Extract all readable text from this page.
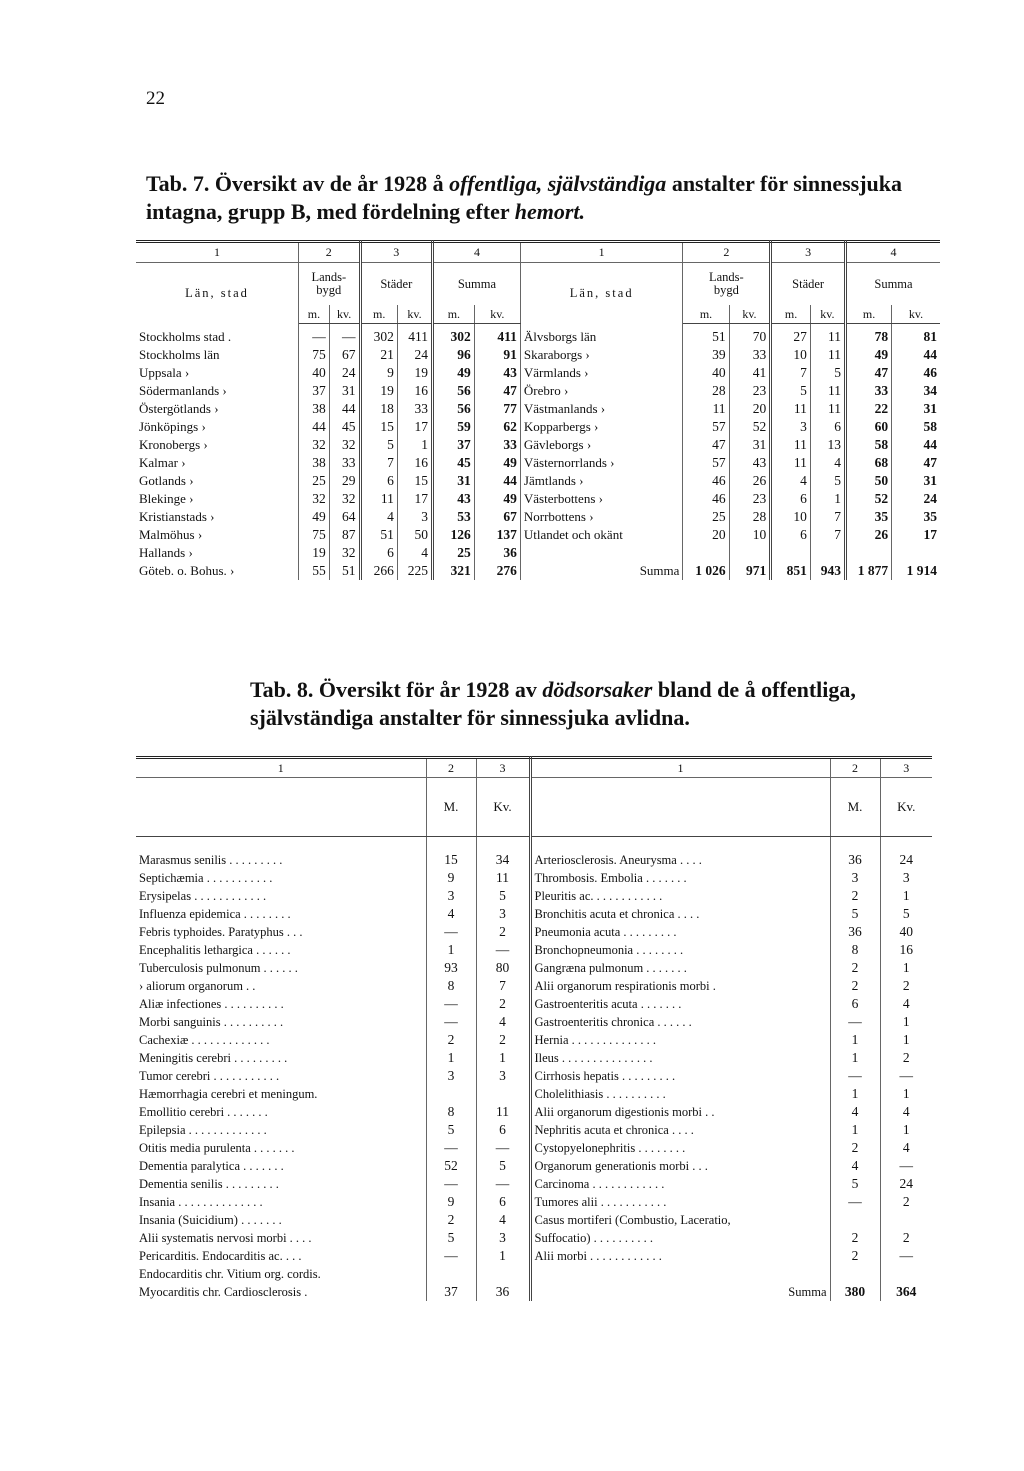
22
Tab. 7. Översikt av de år 1928 å offentliga, självständiga anstalter för sinnessjuka intagna, grupp B, med fördelning efter hemort.
1	2		3		4		1	2		3		4	
Län, stad	Lands-
bygd		Städer		Summa		Län, stad	Lands-
bygd		Städer		Summa	
	m.	kv.	m.	kv.	m.	kv.		m.	kv.	m.	kv.	m.	kv.
Stockholms stad .	—	—	302	411	302	411	Älvsborgs län	51	70	27	11	78	81
Stockholms län	75	67	21	24	96	91	Skaraborgs ›	39	33	10	11	49	44
Uppsala ›	40	24	9	19	49	43	Värmlands ›	40	41	7	5	47	46
Södermanlands ›	37	31	19	16	56	47	Örebro ›	28	23	5	11	33	34
Östergötlands ›	38	44	18	33	56	77	Västmanlands ›	11	20	11	11	22	31
Jönköpings ›	44	45	15	17	59	62	Kopparbergs ›	57	52	3	6	60	58
Kronobergs ›	32	32	5	1	37	33	Gävleborgs ›	47	31	11	13	58	44
Kalmar ›	38	33	7	16	45	49	Västernorrlands ›	57	43	11	4	68	47
Gotlands ›	25	29	6	15	31	44	Jämtlands ›	46	26	4	5	50	31
Blekinge ›	32	32	11	17	43	49	Västerbottens ›	46	23	6	1	52	24
Kristianstads ›	49	64	4	3	53	67	Norrbottens ›	25	28	10	7	35	35
Malmöhus ›	75	87	51	50	126	137	Utlandet och okänt	20	10	6	7	26	17
Hallands ›	19	32	6	4	25	36							
Göteb. o. Bohus. ›	55	51	266	225	321	276	Summa	1 026	971	851	943	1 877	1 914
Tab. 8. Översikt för år 1928 av dödsorsaker bland de å offentliga, självständiga anstalter för sinnessjuka avlidna.
1	2	3	1	2	3
	M.	Kv.		M.	Kv.
Marasmus senilis . . . . . . . . .	15	34	Arteriosclerosis. Aneurysma . . . .	36	24
Septichæmia . . . . . . . . . . .	9	11	Thrombosis. Embolia . . . . . . .	3	3
Erysipelas . . . . . . . . . . . .	3	5	Pleuritis ac. . . . . . . . . . . .	2	1
Influenza epidemica . . . . . . . .	4	3	Bronchitis acuta et chronica . . . .	5	5
Febris typhoides. Paratyphus . . .	—	2	Pneumonia acuta . . . . . . . . .	36	40
Encephalitis lethargica . . . . . .	1	—	Bronchopneumonia . . . . . . . .	8	16
Tuberculosis pulmonum . . . . . .	93	80	Gangræna pulmonum . . . . . . .	2	1
› aliorum organorum . .	8	7	Alii organorum respirationis morbi .	2	2
Aliæ infectiones . . . . . . . . . .	—	2	Gastroenteritis acuta . . . . . . .	6	4
Morbi sanguinis . . . . . . . . . .	—	4	Gastroenteritis chronica . . . . . .	—	1
Cachexiæ . . . . . . . . . . . . .	2	2	Hernia . . . . . . . . . . . . . .	1	1
Meningitis cerebri . . . . . . . . .	1	1	Ileus . . . . . . . . . . . . . . .	1	2
Tumor cerebri . . . . . . . . . . .	3	3	Cirrhosis hepatis . . . . . . . . .	—	—
Hæmorrhagia cerebri et meningum.			Cholelithiasis . . . . . . . . . .	1	1
Emollitio cerebri . . . . . . .	8	11	Alii organorum digestionis morbi . .	4	4
Epilepsia . . . . . . . . . . . . .	5	6	Nephritis acuta et chronica . . . .	1	1
Otitis media purulenta . . . . . . .	—	—	Cystopyelonephritis . . . . . . . .	2	4
Dementia paralytica . . . . . . .	52	5	Organorum generationis morbi . . .	4	—
Dementia senilis . . . . . . . . .	—	—	Carcinoma . . . . . . . . . . . .	5	24
Insania . . . . . . . . . . . . . .	9	6	Tumores alii . . . . . . . . . . .	—	2
Insania (Suicidium) . . . . . . .	2	4	Casus mortiferi (Combustio, Laceratio,		
Alii systematis nervosi morbi . . . .	5	3	Suffocatio) . . . . . . . . . .	2	2
Pericarditis. Endocarditis ac. . . .	—	1	Alii morbi . . . . . . . . . . . .	2	—
Endocarditis chr. Vitium org. cordis.					
Myocarditis chr. Cardiosclerosis .	37	36	Summa	380	364
